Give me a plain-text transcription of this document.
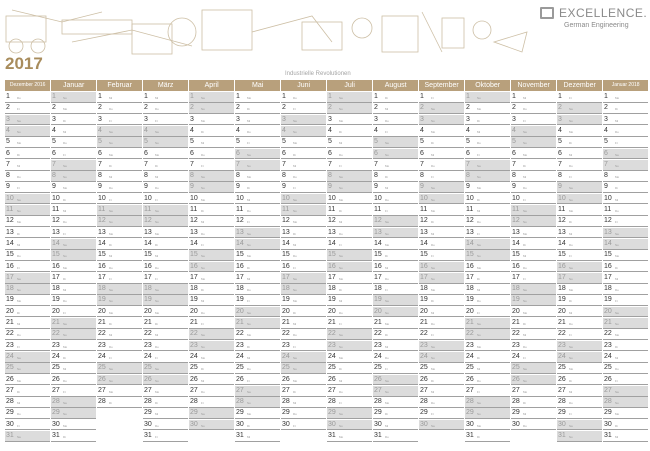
EXCELLENCE.
German Engineering
2017
Industrielle Revolutionen
Dezember 2016
1 Do
2 Fr
3 Sa
4 So
5 Mo
6 Di
7 Mi
8 Do
9 Fr
10 Sa
11 So
12 Mo
13 Di
14 Mi
15 Do
16 Fr
17 Sa
18 So
19 Mo
20 Di
21 Mi
22 Do
23 Fr
24 Sa
25 So
26 Mo
27 Di
28 Mi
29 Do
30 Fr
31 Sa
Januar
1 So
2 Mo
3 Di
4 Mi
5 Do
6 Fr
7 Sa
8 So
9 Mo
10 Di
11 Mi
12 Do
13 Fr
14 Sa
15 So
16 Mo
17 Di
18 Mi
19 Do
20 Fr
21 Sa
22 So
23 Mo
24 Di
25 Mi
26 Do
27 Fr
28 Sa
29 So
30 Mo
31 Di
Februar
1 Mi
2 Do
3 Fr
4 Sa
5 So
6 Mo
7 Di
8 Mi
9 Do
10 Fr
11 Sa
12 So
13 Mo
14 Di
15 Mi
16 Do
17 Fr
18 Sa
19 So
20 Mo
21 Di
22 Mi
23 Do
24 Fr
25 Sa
26 So
27 Mo
28 Di
März
1 Mi
2 Do
3 Fr
4 Sa
5 So
6 Mo
7 Di
8 Mi
9 Do
10 Fr
11 Sa
12 So
13 Mo
14 Di
15 Mi
16 Do
17 Fr
18 Sa
19 So
20 Mo
21 Di
22 Mi
23 Do
24 Fr
25 Sa
26 So
27 Mo
28 Di
29 Mi
30 Do
31 Fr
April
1 Sa
2 So
3 Mo
4 Di
5 Mi
6 Do
7 Fr
8 Sa
9 So
10 Mo
11 Di
12 Mi
13 Do
14 Fr
15 Sa
16 So
17 Mo
18 Di
19 Mi
20 Do
21 Fr
22 Sa
23 So
24 Mo
25 Di
26 Mi
27 Do
28 Fr
29 Sa
30 So
Mai
1 Mo
2 Di
3 Mi
4 Do
5 Fr
6 Sa
7 So
8 Mo
9 Di
10 Mi
11 Do
12 Fr
13 Sa
14 So
15 Mo
16 Di
17 Mi
18 Do
19 Fr
20 Sa
21 So
22 Mo
23 Di
24 Mi
25 Do
26 Fr
27 Sa
28 So
29 Mo
30 Di
31 Mi
Juni
1 Do
2 Fr
3 Sa
4 So
5 Mo
6 Di
7 Mi
8 Do
9 Fr
10 Sa
11 So
12 Mo
13 Di
14 Mi
15 Do
16 Fr
17 Sa
18 So
19 Mo
20 Di
21 Mi
22 Do
23 Fr
24 Sa
25 So
26 Mo
27 Di
28 Mi
29 Do
30 Fr
Juli
1 Sa
2 So
3 Mo
4 Di
5 Mi
6 Do
7 Fr
8 Sa
9 So
10 Mo
11 Di
12 Mi
13 Do
14 Fr
15 Sa
16 So
17 Mo
18 Di
19 Mi
20 Do
21 Fr
22 Sa
23 So
24 Mo
25 Di
26 Mi
27 Do
28 Fr
29 Sa
30 So
31 Mo
August
1 Di
2 Mi
3 Do
4 Fr
5 Sa
6 So
7 Mo
8 Di
9 Mi
10 Do
11 Fr
12 Sa
13 So
14 Mo
15 Di
16 Mi
17 Do
18 Fr
19 Sa
20 So
21 Mo
22 Di
23 Mi
24 Do
25 Fr
26 Sa
27 So
28 Mo
29 Di
30 Mi
31 Do
September
1 Fr
2 Sa
3 So
4 Mo
5 Di
6 Mi
7 Do
8 Fr
9 Sa
10 So
11 Mo
12 Di
13 Mi
14 Do
15 Fr
16 Sa
17 So
18 Mo
19 Di
20 Mi
21 Do
22 Fr
23 Sa
24 So
25 Mo
26 Di
27 Mi
28 Do
29 Fr
30 Sa
Oktober
1 So
2 Mo
3 Di
4 Mi
5 Do
6 Fr
7 Sa
8 So
9 Mo
10 Di
11 Mi
12 Do
13 Fr
14 Sa
15 So
16 Mo
17 Di
18 Mi
19 Do
20 Fr
21 Sa
22 So
23 Mo
24 Di
25 Mi
26 Do
27 Fr
28 Sa
29 So
30 Mo
31 Di
November
1 Mi
2 Do
3 Fr
4 Sa
5 So
6 Mo
7 Di
8 Mi
9 Do
10 Fr
11 Sa
12 So
13 Mo
14 Di
15 Mi
16 Do
17 Fr
18 Sa
19 So
20 Mo
21 Di
22 Mi
23 Do
24 Fr
25 Sa
26 So
27 Mo
28 Di
29 Mi
30 Do
Dezember
1 Fr
2 Sa
3 So
4 Mo
5 Di
6 Mi
7 Do
8 Fr
9 Sa
10 So
11 Mo
12 Di
13 Mi
14 Do
15 Fr
16 Sa
17 So
18 Mo
19 Di
20 Mi
21 Do
22 Fr
23 Sa
24 So
25 Mo
26 Di
27 Mi
28 Do
29 Fr
30 Sa
31 So
Januar 2018
1 Mo
2 Di
3 Mi
4 Do
5 Fr
6 Sa
7 So
8 Mo
9 Di
10 Mi
11 Do
12 Fr
13 Sa
14 So
15 Mo
16 Di
17 Mi
18 Do
19 Fr
20 Sa
21 So
22 Mo
23 Di
24 Mi
25 Do
26 Fr
27 Sa
28 So
29 Mo
30 Di
31 Mi
